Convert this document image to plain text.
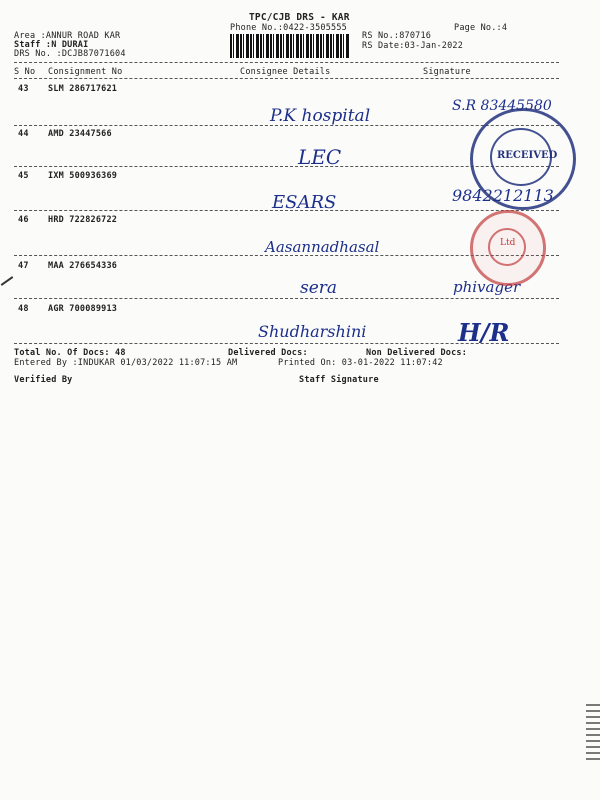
TPC/CJB DRS - KAR
Phone No.:0422-3505555	Page No.:4
Area :ANNUR ROAD KAR
Staff :N DURAI
DRS No. :DCJB87071604
RS No.:870716
RS Date:03-Jan-2022
S No Consignment No	Consignee Details	Signature
43 SLM 286717621
P.K hospital	S.R 83445580
44 AMD 23447566
LEC
45 IXM 500936369
ESARS	9842212113
46 HRD 722826722
Aasannadhasal
47 MAA 276654336
sera	phivager
48 AGR 700089913
Shudharshini	H/R
RECEIVED
Ltd
Total No. Of Docs: 48	Delivered Docs:	Non Delivered Docs:
Entered By :INDUKAR 01/03/2022 11:07:15 AM	Printed On: 03-01-2022 11:07:42
Verified By	Staff Signature
